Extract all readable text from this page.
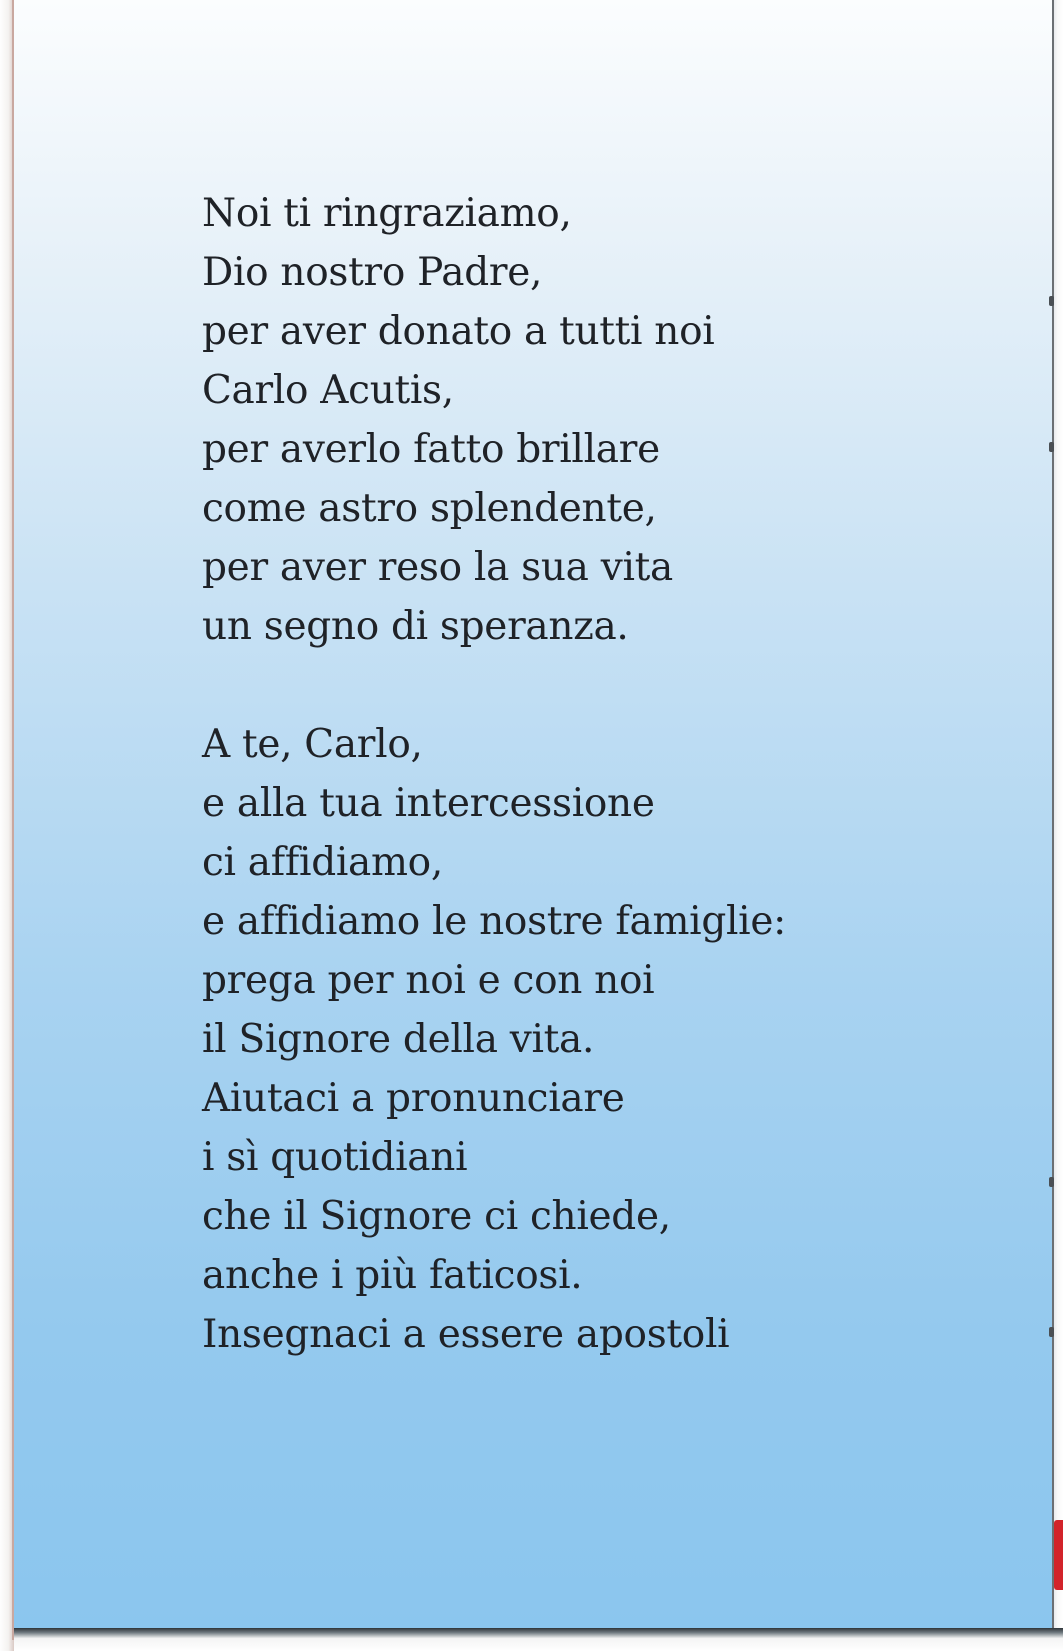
Noi ti ringraziamo,
Dio nostro Padre,
per aver donato a tutti noi
Carlo Acutis,
per averlo fatto brillare
come astro splendente,
per aver reso la sua vita
un segno di speranza.
A te, Carlo,
e alla tua intercessione
ci affidiamo,
e affidiamo le nostre famiglie:
prega per noi e con noi
il Signore della vita.
Aiutaci a pronunciare
i sì quotidiani
che il Signore ci chiede,
anche i più faticosi.
Insegnaci a essere apostoli
